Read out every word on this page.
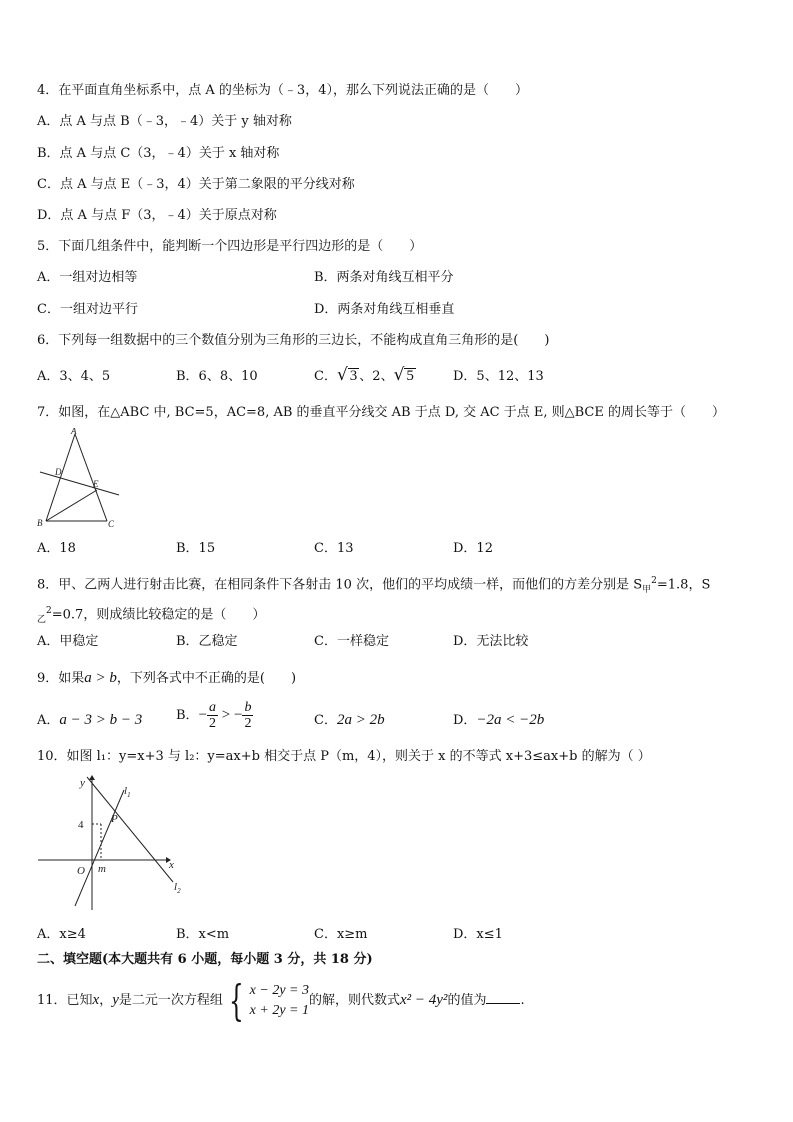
4．在平面直角坐标系中，点 A 的坐标为（﹣3，4），那么下列说法正确的是（　　）
A．点 A 与点 B（﹣3，﹣4）关于 y 轴对称
B．点 A 与点 C（3，﹣4）关于 x 轴对称
C．点 A 与点 E（﹣3，4）关于第二象限的平分线对称
D．点 A 与点 F（3，﹣4）关于原点对称
5．下面几组条件中，能判断一个四边形是平行四边形的是（　　）
A．一组对边相等	B．两条对角线互相平分
C．一组对边平行	D．两条对角线互相垂直
6．下列每一组数据中的三个数值分别为三角形的三边长，不能构成直角三角形的是(　　)
A．3、4、5	B．6、8、10	C．√ 3 、2、√ 5	D．5、12、13
7．如图，在△ABC 中, BC=5，AC=8, AB 的垂直平分线交 AB 于点 D, 交 AC 于点 E, 则△BCE 的周长等于（　　）
A
B	C
D
E
A．18	B．15	C．13	D．12
8．甲、乙两人进行射击比赛，在相同条件下各射击 10 次，他们的平均成绩一样，而他们的方差分别是 $S_甲^2=1.8$，S
$_乙^2$=0.7，则成绩比较稳定的是（　　）
A．甲稳定	B．乙稳定	C．一样稳定	D．无法比较
9．如果a > b，下列各式中不正确的是(　　)
A．a − 3 > b − 3	B．− $\frac{a}{2}$ > − $\frac{b}{2}$	C．2a > 2b	D．−2a < −2b
10．如图 l₁：y=x+3 与 l₂：y=ax+b 相交于点 P（m，4），则关于 x 的不等式 x+3≤ax+b 的解为（ ）
y
x
O m
P
$l_1$
$l_2$
4
A．x≥4	B．x<m	C．x≥m	D．x≤1
二、填空题(本大题共有 6 小题，每小题 3 分，共 18 分)
11．已知x，y是二元一次方程组 { x − 2y = 3
x + 2y = 1
的解，则代数式x² − 4y²的值为	.
